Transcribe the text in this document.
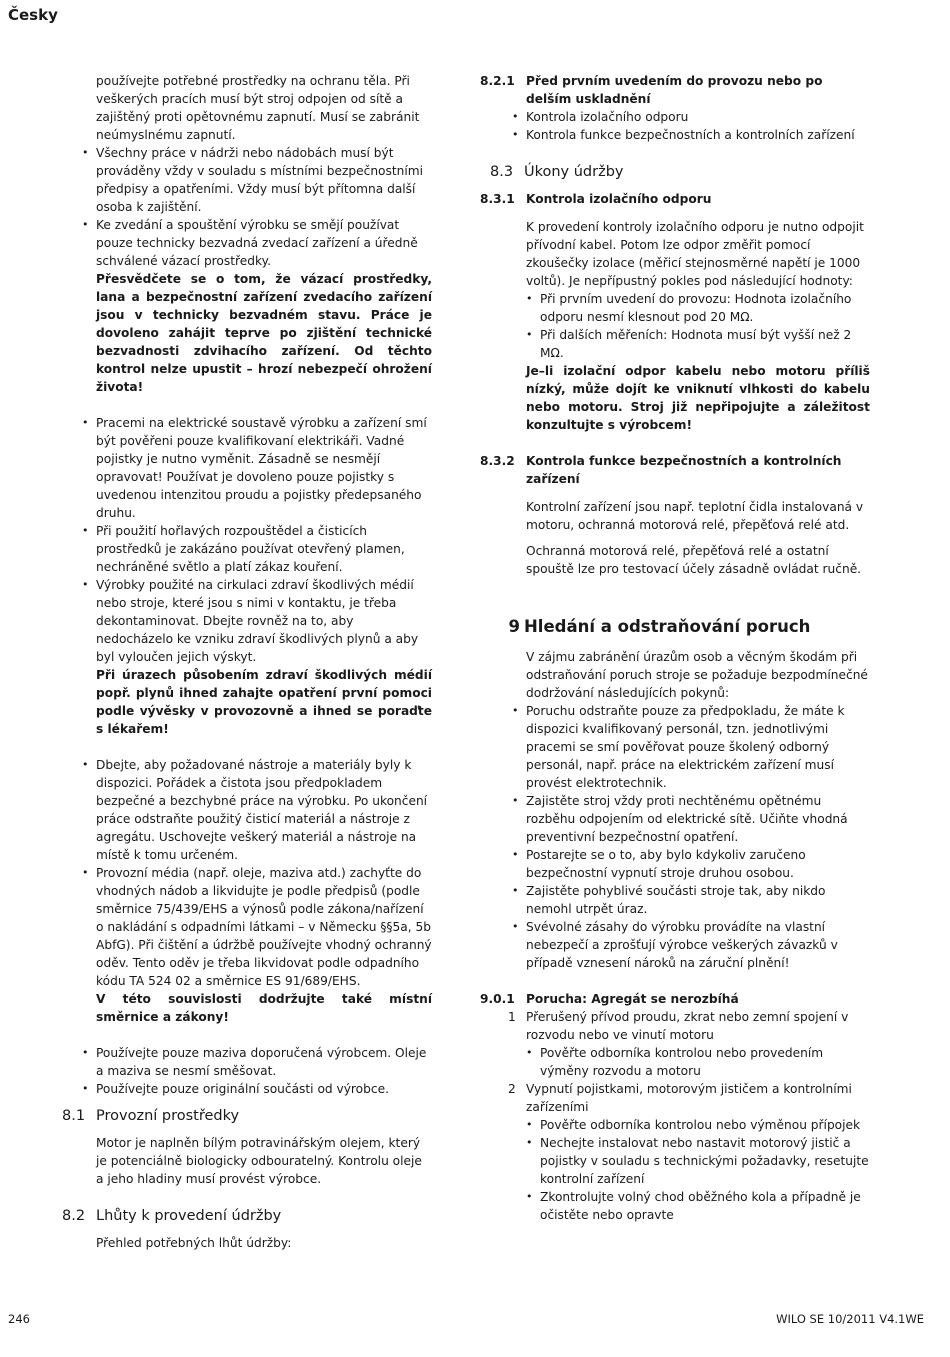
Česky

používejte potřebné prostředky na ochranu těla. Při veškerých pracích musí být stroj odpojen od sítě a zajištěný proti opětovnému zapnutí. Musí se zabránit neúmyslnému zapnutí.

• Všechny práce v nádrži nebo nádobách musí být prováděny vždy v souladu s místními bezpečnostními předpisy a opatřeními. Vždy musí být přítomna další osoba k zajištění.
• Ke zvedání a spouštění výrobku se smějí používat pouze technicky bezvadná zvedací zařízení a úředně schválené vázací prostředky.

Přesvědčete se o tom, že vázací prostředky, lana a bezpečnostní zařízení zvedacího zařízení jsou v technicky bezvadném stavu. Práce je dovoleno zahájit teprve po zjištění technické bezvadnosti zdvihacího zařízení. Od těchto kontrol nelze upustit – hrozí nebezpečí ohrožení života!

• Pracemi na elektrické soustavě výrobku a zařízení smí být pověřeni pouze kvalifikovaní elektrikáři. Vadné pojistky je nutno vyměnit. Zásadně se nesmějí opravovat! Používat je dovoleno pouze pojistky s uvedenou intenzitou proudu a pojistky předepsaného druhu.
• Při použití hořlavých rozpouštědel a čisticích prostředků je zakázáno používat otevřený plamen, nechráněné světlo a platí zákaz kouření.
• Výrobky použité na cirkulaci zdraví škodlivých médií nebo stroje, které jsou s nimi v kontaktu, je třeba dekontaminovat. Dbejte rovněž na to, aby nedocházelo ke vzniku zdraví škodlivých plynů a aby byl vyloučen jejich výskyt.

Při úrazech působením zdraví škodlivých médií popř. plynů ihned zahajte opatření první pomoci podle vývěsky v provozovně a ihned se poraďte s lékařem!

• Dbejte, aby požadované nástroje a materiály byly k dispozici. Pořádek a čistota jsou předpokladem bezpečné a bezchybné práce na výrobku. Po ukončení práce odstraňte použitý čisticí materiál a nástroje z agregátu. Uschovejte veškerý materiál a nástroje na místě k tomu určeném.
• Provozní média (např. oleje, maziva atd.) zachyťte do vhodných nádob a likvidujte je podle předpisů (podle směrnice 75/439/EHS a výnosů podle zákona/nařízení o nakládání s odpadními látkami – v Německu §§5a, 5b AbfG). Při čištění a údržbě používejte vhodný ochranný oděv. Tento oděv je třeba likvidovat podle odpadního kódu TA 524 02 a směrnice ES 91/689/EHS.

V této souvislosti dodržujte také místní směrnice a zákony!

• Používejte pouze maziva doporučená výrobcem. Oleje a maziva se nesmí směšovat.
• Používejte pouze originální součásti od výrobce.
8.1 Provozní prostředky

Motor je naplněn bílým potravinářským olejem, který je potenciálně biologicky odbouratelný. Kontrolu oleje a jeho hladiny musí provést výrobce.

8.2 Lhůty k provedení údržby

Přehled potřebných lhůt údržby:

8.2.1 Před prvním uvedením do provozu nebo po delším uskladnění
• Kontrola izolačního odporu
• Kontrola funkce bezpečnostních a kontrolních zařízení
8.3 Úkony údržby
8.3.1 Kontrola izolačního odporu

K provedení kontroly izolačního odporu je nutno odpojit přívodní kabel. Potom lze odpor změřit pomocí zkoušečky izolace (měřicí stejnosměrné napětí je 1000 voltů). Je nepřípustný pokles pod následující hodnoty:

• Při prvním uvedení do provozu: Hodnota izolačního odporu nesmí klesnout pod 20 MΩ.
• Při dalších měřeních: Hodnota musí být vyšší než 2 MΩ.

Je–li izolační odpor kabelu nebo motoru příliš nízký, může dojít ke vniknutí vlhkosti do kabelu nebo motoru. Stroj již nepřipojujte a záležitost konzultujte s výrobcem!

8.3.2 Kontrola funkce bezpečnostních a kontrolních zařízení

Kontrolní zařízení jsou např. teplotní čidla instalovaná v motoru, ochranná motorová relé, přepěťová relé atd.

Ochranná motorová relé, přepěťová relé a ostatní spouště lze pro testovací účely zásadně ovládat ručně.

9 Hledání a odstraňování poruch

V zájmu zabránění úrazům osob a věcným škodám při odstraňování poruch stroje se požaduje bezpodmínečné dodržování následujících pokynů:

• Poruchu odstraňte pouze za předpokladu, že máte k dispozici kvalifikovaný personál, tzn. jednotlivými pracemi se smí pověřovat pouze školený odborný personál, např. práce na elektrickém zařízení musí provést elektrotechnik.
• Zajistěte stroj vždy proti nechtěnému opětnému rozběhu odpojením od elektrické sítě. Učiňte vhodná preventivní bezpečnostní opatření.
• Postarejte se o to, aby bylo kdykoliv zaručeno bezpečnostní vypnutí stroje druhou osobou.
• Zajistěte pohyblivé součásti stroje tak, aby nikdo nemohl utrpět úraz.
• Svévolné zásahy do výrobku provádíte na vlastní nebezpečí a zprošťují výrobce veškerých závazků v případě vznesení nároků na záruční plnění!
9.0.1 Porucha: Agregát se nerozbíhá
1 Přerušený přívod proudu, zkrat nebo zemní spojení v rozvodu nebo ve vinutí motoru
• Pověřte odborníka kontrolou nebo provedením výměny rozvodu a motoru
2 Vypnutí pojistkami, motorovým jističem a kontrolními zařízeními
• Pověřte odborníka kontrolou nebo výměnou přípojek
• Nechejte instalovat nebo nastavit motorový jistič a pojistky v souladu s technickými požadavky, resetujte kontrolní zařízení
• Zkontrolujte volný chod oběžného kola a případně je očistěte nebo opravte
246	WILO SE 10/2011 V4.1WE
